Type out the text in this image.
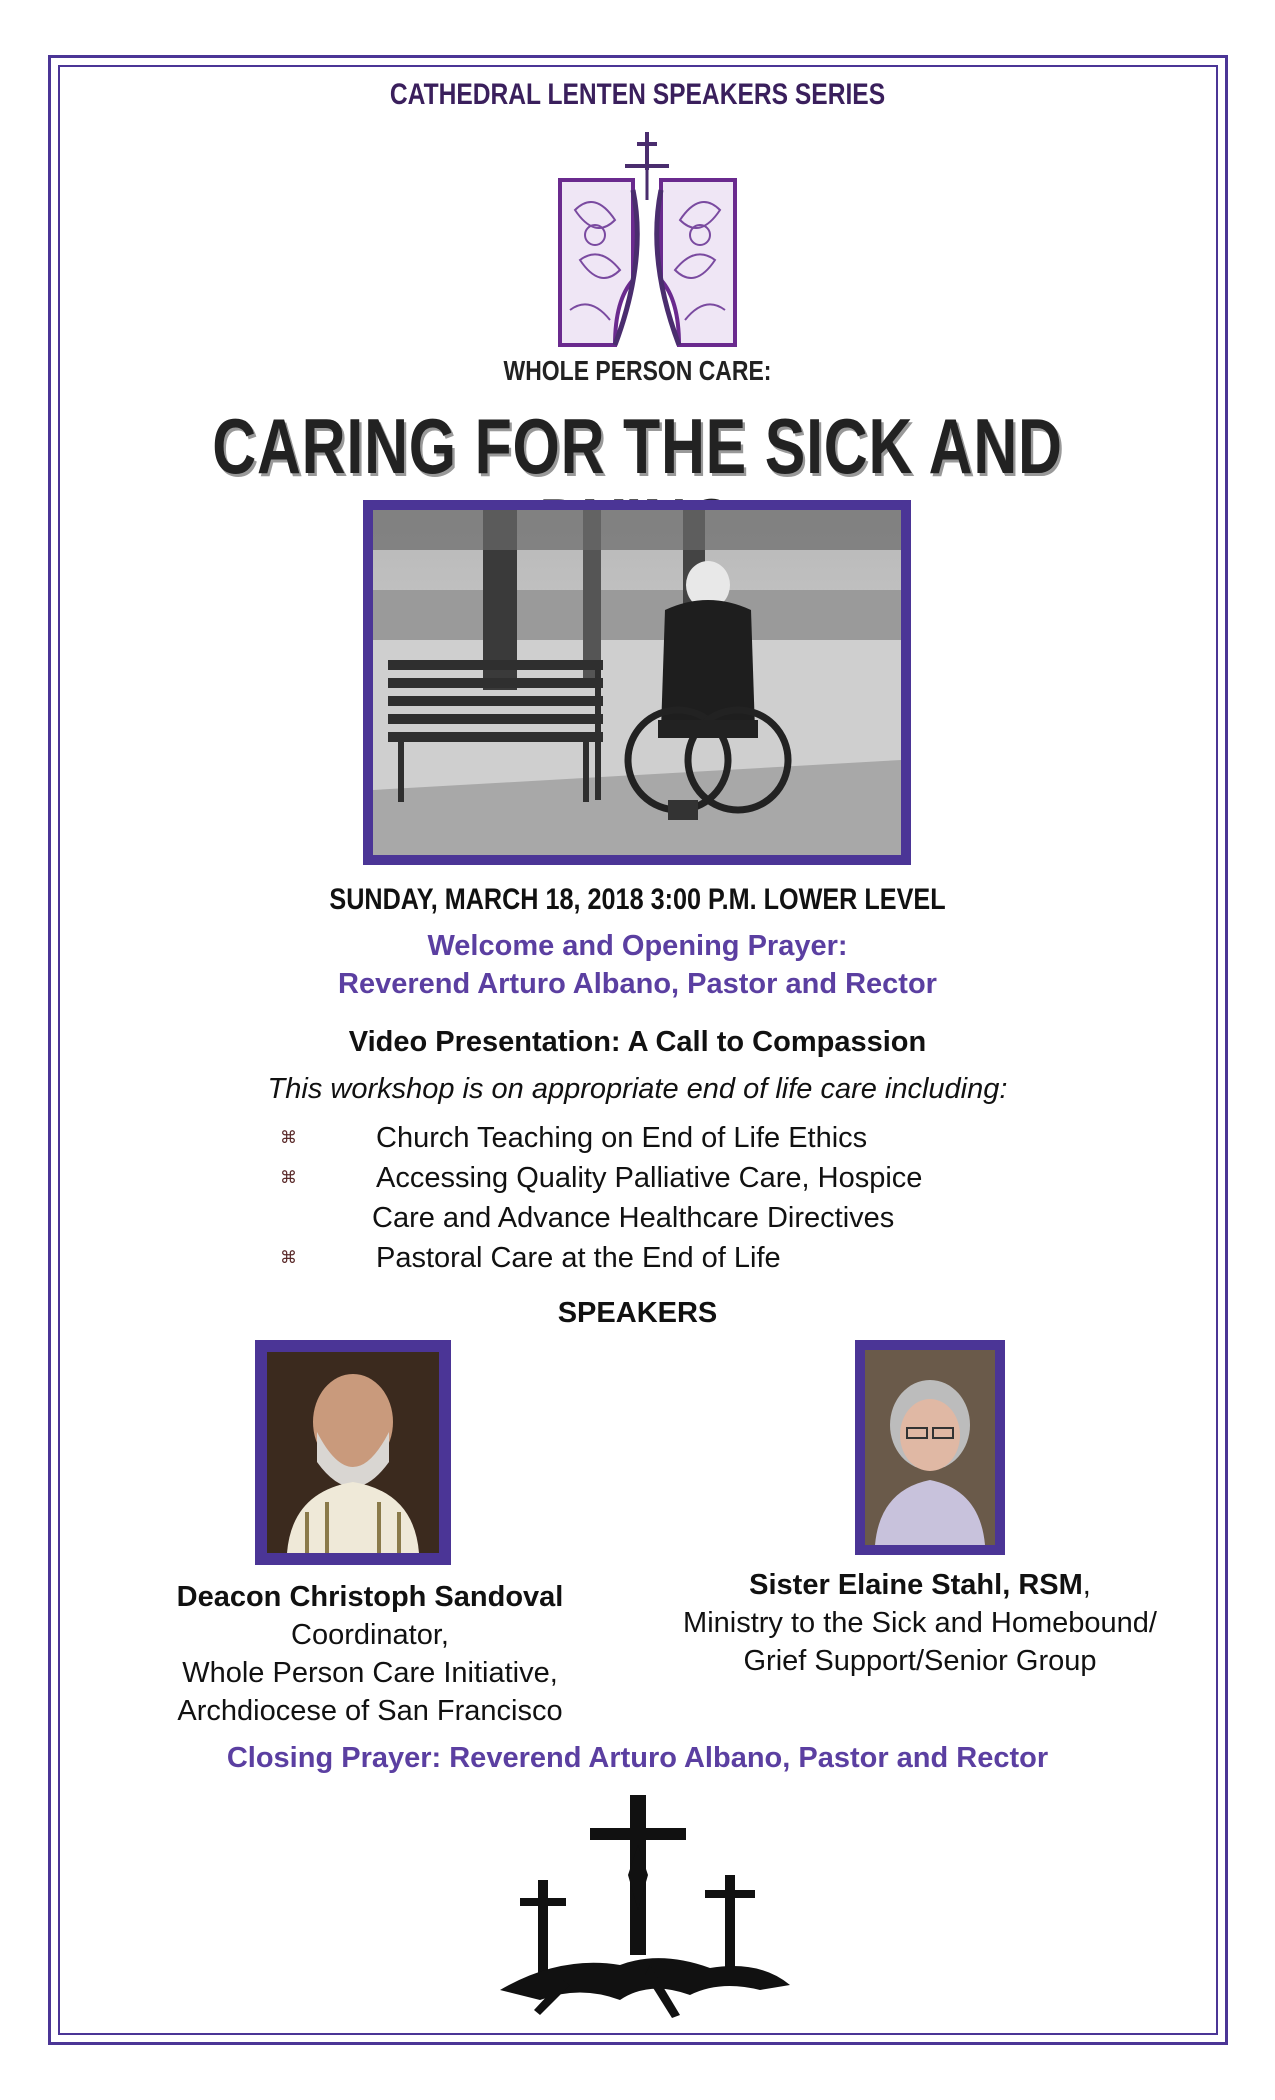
CATHEDRAL LENTEN SPEAKERS SERIES
WHOLE PERSON CARE:
CARING FOR THE SICK AND
SUNDAY, MARCH 18, 2018 3:00 P.M. LOWER LEVEL
Welcome and Opening Prayer:
Reverend Arturo Albano, Pastor and Rector
Video Presentation: A Call to Compassion
This workshop is on appropriate end of life care including:
⌘	Church Teaching on End of Life Ethics
⌘	Accessing Quality Palliative Care, Hospice
Care and Advance Healthcare Directives
⌘	Pastoral Care at the End of Life
SPEAKERS
Deacon Christoph Sandoval
Coordinator,
Whole Person Care Initiative,
Archdiocese of San Francisco
Sister Elaine Stahl, RSM,
Ministry to the Sick and Homebound/
Grief Support/Senior Group
Closing Prayer: Reverend Arturo Albano, Pastor and Rector
